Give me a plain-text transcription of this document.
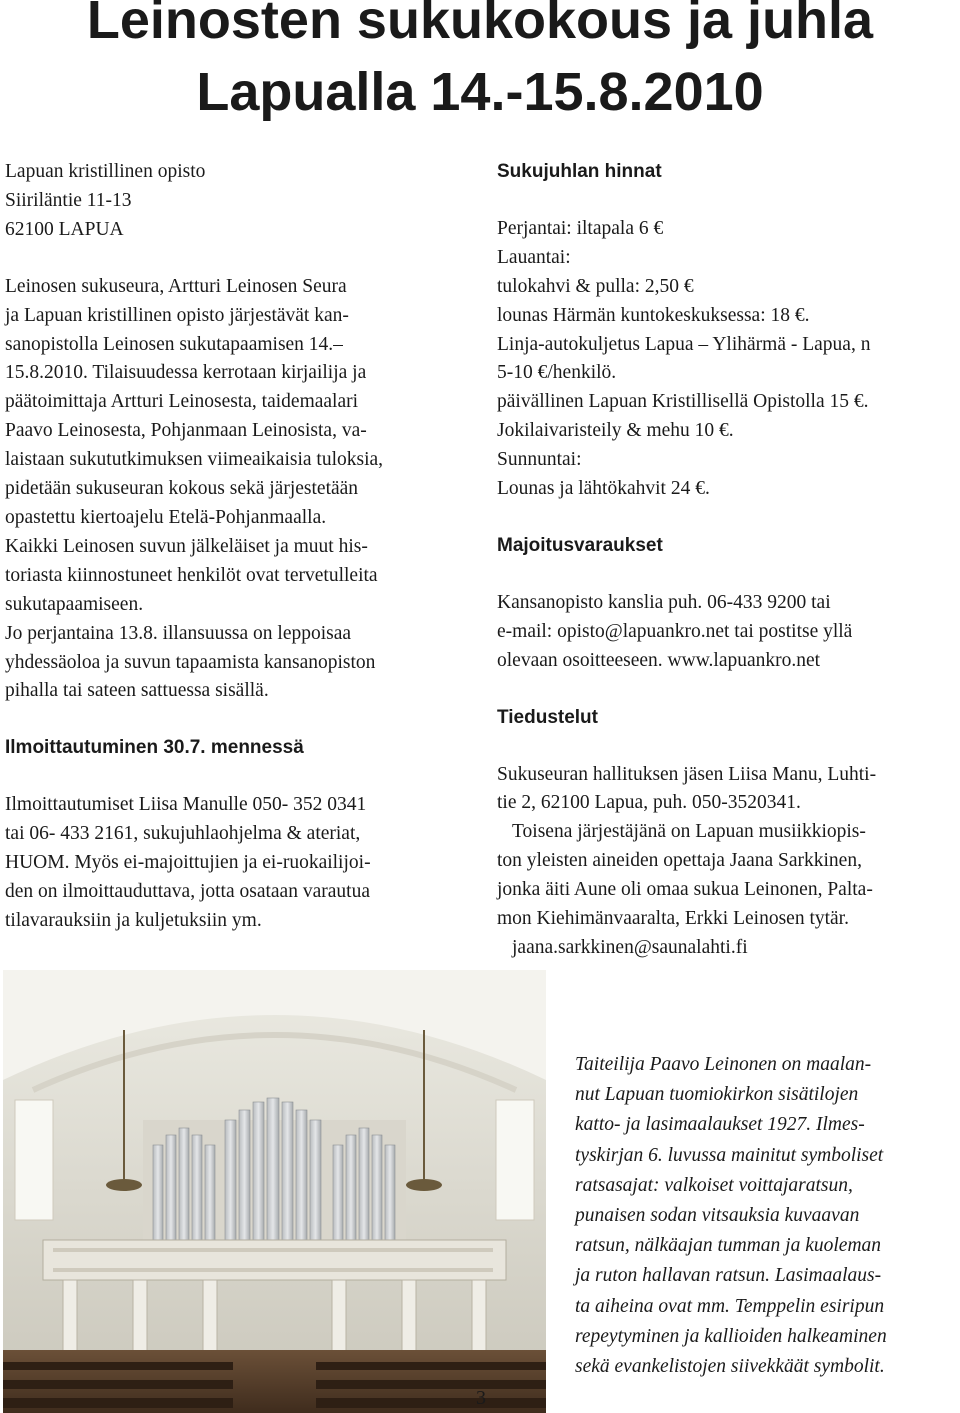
Leinosten sukukokous ja juhla
Lapualla 14.-15.8.2010

Lapuan kristillinen opisto

Siiriläntie 11-13

62100 LAPUA

Leinosen sukuseura, Artturi Leinosen Seura

ja Lapuan kristillinen opisto järjestävät kan-

sanopistolla Leinosen sukutapaamisen 14.–

15.8.2010. Tilaisuudessa kerrotaan kirjailija ja

päätoimittaja Artturi Leinosesta, taidemaalari

Paavo Leinosesta, Pohjanmaan Leinosista, va-

laistaan sukututkimuksen viimeaikaisia tuloksia,

pidetään sukuseuran kokous sekä järjestetään

opastettu kiertoajelu Etelä-Pohjanmaalla.

Kaikki Leinosen suvun jälkeläiset ja muut his-

toriasta kiinnostuneet henkilöt ovat tervetulleita

sukutapaamiseen.

Jo perjantaina 13.8. illansuussa on leppoisaa

yhdessäoloa ja suvun tapaamista kansanopiston

pihalla tai sateen sattuessa sisällä.

Ilmoittautuminen 30.7. mennessä

Ilmoittautumiset Liisa Manulle 050- 352 0341

tai 06- 433 2161, sukujuhlaohjelma & ateriat,

HUOM. Myös ei-majoittujien ja ei-ruokailijoi-

den on ilmoittauduttava, jotta osataan varautua

tilavarauksiin ja kuljetuksiin ym.

Sukujuhlan hinnat

Perjantai: iltapala 6 €

Lauantai:

tulokahvi & pulla: 2,50 €

lounas Härmän kuntokeskuksessa: 18 €.

Linja-autokuljetus Lapua – Ylihärmä - Lapua, n

5-10 €/henkilö.

päivällinen Lapuan Kristillisellä Opistolla 15 €.

Jokilaivaristeily & mehu 10 €.

Sunnuntai:

Lounas ja lähtökahvit 24 €.

Majoitusvaraukset

Kansanopisto kanslia puh. 06-433 9200 tai

e-mail: opisto@lapuankro.net tai postitse yllä

olevaan osoitteeseen. www.lapuankro.net

Tiedustelut

Sukuseuran hallituksen jäsen Liisa Manu, Luhti-

tie 2, 62100 Lapua, puh. 050-3520341.

Toisena järjestäjänä on Lapuan musiikkiopis-

ton yleisten aineiden opettaja Jaana Sarkkinen,

jonka äiti Aune oli omaa sukua Leinonen, Palta-

mon Kiehimänvaaralta, Erkki Leinosen tytär.

jaana.sarkkinen@saunalahti.fi

Taiteilija Paavo Leinonen on maalan-

nut Lapuan tuomiokirkon sisätilojen

katto- ja lasimaalaukset 1927. Ilmes-

tyskirjan 6. luvussa mainitut symboliset

ratsasajat: valkoiset voittajaratsun,

punaisen sodan vitsauksia kuvaavan

ratsun, nälkäajan tumman ja kuoleman

ja ruton hallavan ratsun. Lasimaalaus-

ta aiheina ovat mm. Temppelin esiripun

repeytyminen ja kallioiden halkeaminen

sekä evankelistojen siivekkäät symbolit.

3
